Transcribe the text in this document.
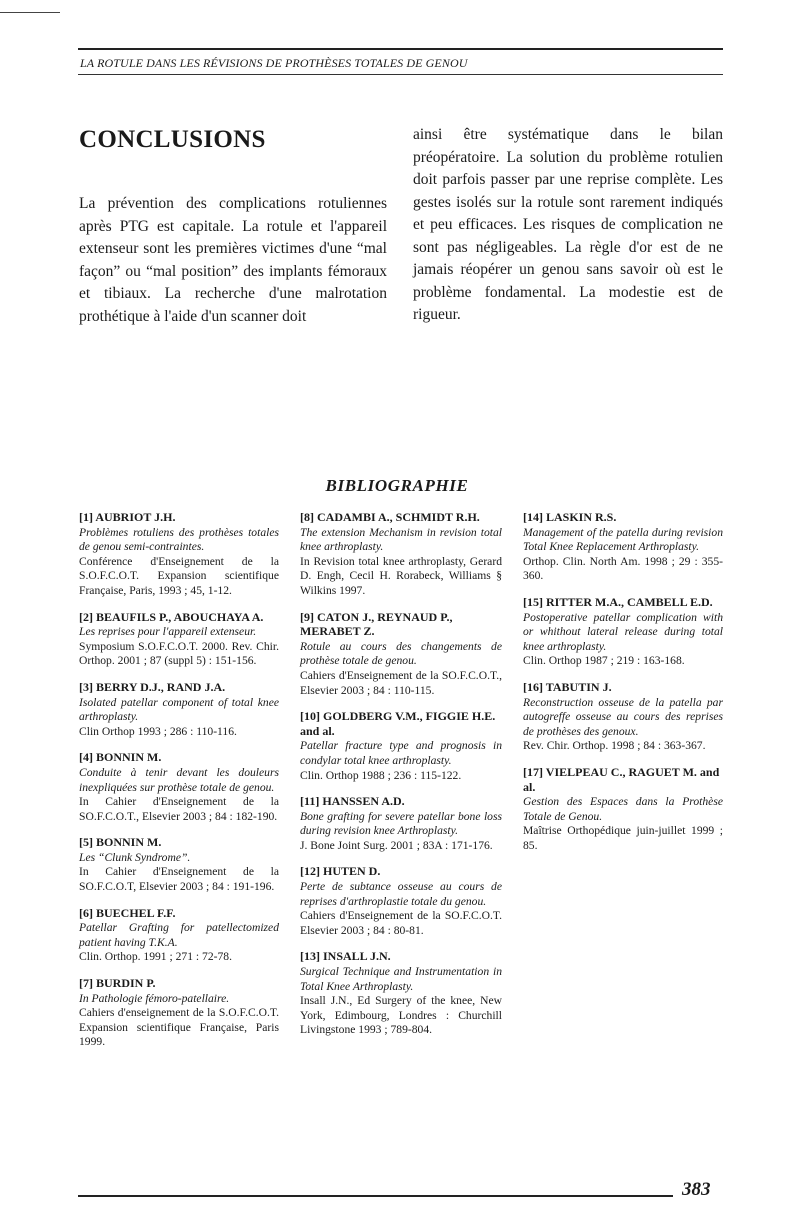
LA ROTULE DANS LES RÉVISIONS DE PROTHÈSES TOTALES DE GENOU
CONCLUSIONS
La prévention des complications rotuliennes après PTG est capitale. La rotule et l'appareil extenseur sont les premières victimes d'une “mal façon” ou “mal position” des implants fémoraux et tibiaux. La recherche d'une malrotation prothétique à l'aide d'un scanner doit
ainsi être systématique dans le bilan préopératoire. La solution du problème rotulien doit parfois passer par une reprise complète. Les gestes isolés sur la rotule sont rarement indiqués et peu efficaces. Les risques de complication ne sont pas négligeables. La règle d'or est de ne jamais réopérer un genou sans savoir où est le problème fondamental. La modestie est de rigueur.
BIBLIOGRAPHIE
[1] AUBRIOT J.H.
Problèmes rotuliens des prothèses totales de genou semi-contraintes.
Conférence d'Enseignement de la S.O.F.C.O.T. Expansion scientifique Française, Paris, 1993 ; 45, 1-12.
[2] BEAUFILS P., ABOUCHAYA A.
Les reprises pour l'appareil extenseur.
Symposium S.O.F.C.O.T. 2000. Rev. Chir. Orthop. 2001 ; 87 (suppl 5) : 151-156.
[3] BERRY D.J., RAND J.A.
Isolated patellar component of total knee arthroplasty.
Clin Orthop 1993 ; 286 : 110-116.
[4] BONNIN M.
Conduite à tenir devant les douleurs inexpliquées sur prothèse totale de genou.
In Cahier d'Enseignement de la SO.F.C.O.T., Elsevier 2003 ; 84 : 182-190.
[5] BONNIN M.
Les “Clunk Syndrome”.
In Cahier d'Enseignement de la SO.F.C.O.T, Elsevier 2003 ; 84 : 191-196.
[6] BUECHEL F.F.
Patellar Grafting for patellectomized patient having T.K.A.
Clin. Orthop. 1991 ; 271 : 72-78.
[7] BURDIN P.
In Pathologie fémoro-patellaire.
Cahiers d'enseignement de la S.O.F.C.O.T. Expansion scientifique Française, Paris 1999.
[8] CADAMBI A., SCHMIDT R.H.
The extension Mechanism in revision total knee arthroplasty.
In Revision total knee arthroplasty, Gerard D. Engh, Cecil H. Rorabeck, Williams § Wilkins 1997.
[9] CATON J., REYNAUD P., MERABET Z.
Rotule au cours des changements de prothèse totale de genou.
Cahiers d'Enseignement de la SO.F.C.O.T., Elsevier 2003 ; 84 : 110-115.
[10] GOLDBERG V.M., FIGGIE H.E. and al.
Patellar fracture type and prognosis in condylar total knee arthroplasty.
Clin. Orthop 1988 ; 236 : 115-122.
[11] HANSSEN A.D.
Bone grafting for severe patellar bone loss during revision knee Arthroplasty.
J. Bone Joint Surg. 2001 ; 83A : 171-176.
[12] HUTEN D.
Perte de subtance osseuse au cours de reprises d'arthroplastie totale du genou.
Cahiers d'Enseignement de la SO.F.C.O.T. Elsevier 2003 ; 84 : 80-81.
[13] INSALL J.N.
Surgical Technique and Instrumentation in Total Knee Arthroplasty.
Insall J.N., Ed Surgery of the knee, New York, Edimbourg, Londres : Churchill Livingstone 1993 ; 789-804.
[14] LASKIN R.S.
Management of the patella during revision Total Knee Replacement Arthroplasty.
Orthop. Clin. North Am. 1998 ; 29 : 355-360.
[15] RITTER M.A., CAMBELL E.D.
Postoperative patellar complication with or whithout lateral release during total knee arthroplasty.
Clin. Orthop 1987 ; 219 : 163-168.
[16] TABUTIN J.
Reconstruction osseuse de la patella par autogreffe osseuse au cours des reprises de prothèses des genoux.
Rev. Chir. Orthop. 1998 ; 84 : 363-367.
[17] VIELPEAU C., RAGUET M. and al.
Gestion des Espaces dans la Prothèse Totale de Genou.
Maîtrise Orthopédique juin-juillet 1999 ; 85.
383
